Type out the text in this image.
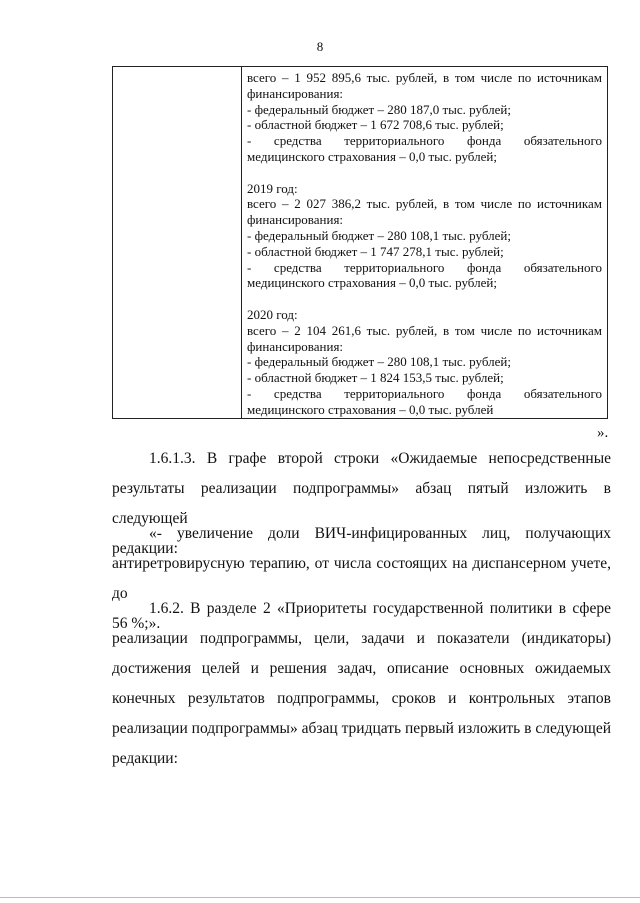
8

всего – 1 952 895,6 тыс. рублей, в том числе по источникам
финансирования:
- федеральный бюджет – 280 187,0 тыс. рублей;
- областной бюджет – 1 672 708,6 тыс. рублей;
- средства территориального фонда обязательного
медицинского страхования – 0,0 тыс. рублей;
2019 год:
всего – 2 027 386,2 тыс. рублей, в том числе по источникам
финансирования:
- федеральный бюджет – 280 108,1 тыс. рублей;
- областной бюджет – 1 747 278,1 тыс. рублей;
- средства территориального фонда обязательного
медицинского страхования – 0,0 тыс. рублей;
2020 год:
всего – 2 104 261,6 тыс. рублей, в том числе по источникам
финансирования:
- федеральный бюджет – 280 108,1 тыс. рублей;
- областной бюджет – 1 824 153,5 тыс. рублей;
- средства территориального фонда обязательного
медицинского страхования – 0,0 тыс. рублей
».
1.6.1.3. В графе второй строки «Ожидаемые непосредственные
результаты реализации подпрограммы» абзац пятый изложить в следующей
редакции:
«- увеличение доли ВИЧ-инфицированных лиц, получающих
антиретровирусную терапию, от числа состоящих на диспансерном учете, до
56 %;».
1.6.2. В разделе 2 «Приоритеты государственной политики в сфере
реализации подпрограммы, цели, задачи и показатели (индикаторы)
достижения целей и решения задач, описание основных ожидаемых
конечных результатов подпрограммы, сроков и контрольных этапов
реализации подпрограммы» абзац тридцать первый изложить в следующей
редакции:
